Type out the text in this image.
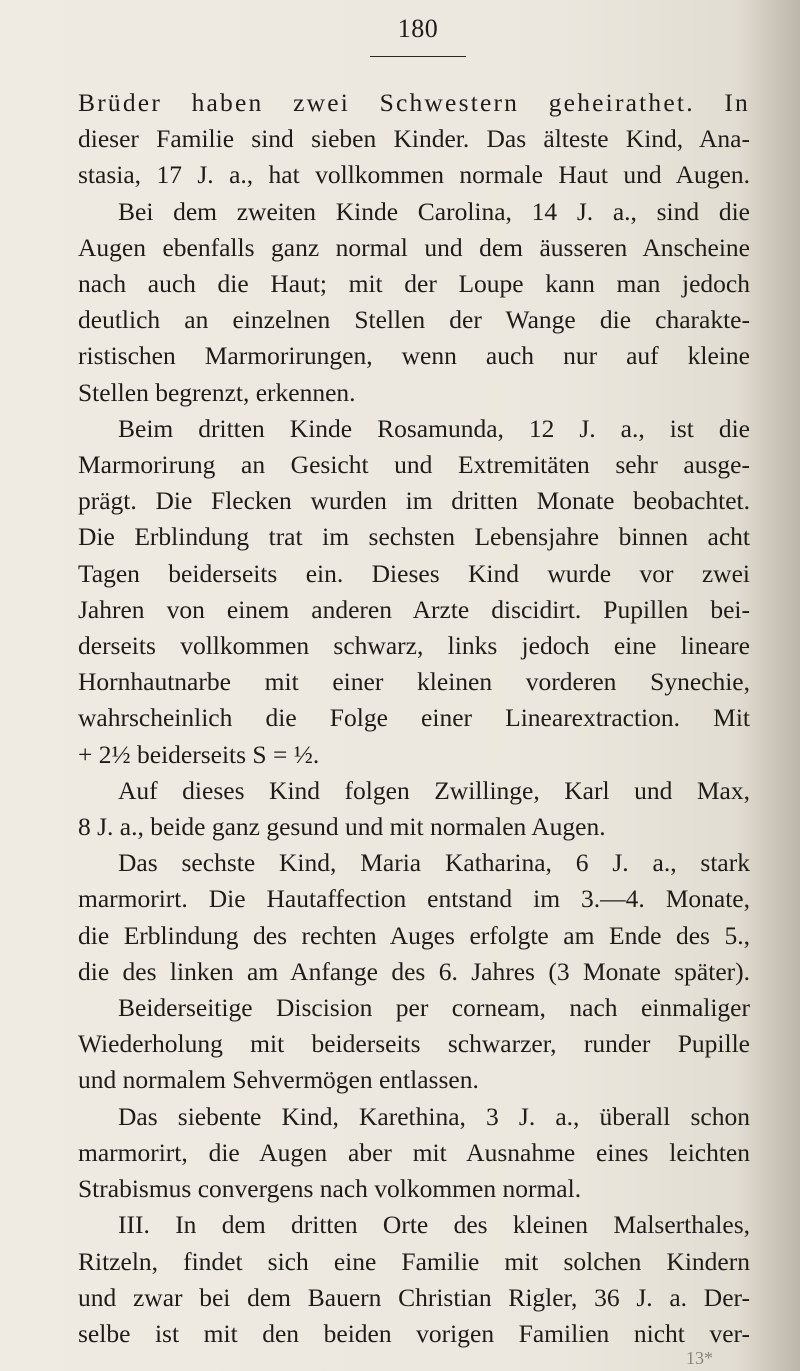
180
Brüder haben zwei Schwestern geheirathet. In
dieser Familie sind sieben Kinder. Das älteste Kind, Ana-
stasia, 17 J. a., hat vollkommen normale Haut und Augen.
Bei dem zweiten Kinde Carolina, 14 J. a., sind die
Augen ebenfalls ganz normal und dem äusseren Anscheine
nach auch die Haut; mit der Loupe kann man jedoch
deutlich an einzelnen Stellen der Wange die charakte-
ristischen Marmorirungen, wenn auch nur auf kleine
Stellen begrenzt, erkennen.
Beim dritten Kinde Rosamunda, 12 J. a., ist die
Marmorirung an Gesicht und Extremitäten sehr ausge-
prägt. Die Flecken wurden im dritten Monate beobachtet.
Die Erblindung trat im sechsten Lebensjahre binnen acht
Tagen beiderseits ein. Dieses Kind wurde vor zwei
Jahren von einem anderen Arzte discidirt. Pupillen bei-
derseits vollkommen schwarz, links jedoch eine lineare
Hornhautnarbe mit einer kleinen vorderen Synechie,
wahrscheinlich die Folge einer Linearextraction. Mit
+ 2½ beiderseits S = ½.
Auf dieses Kind folgen Zwillinge, Karl und Max,
8 J. a., beide ganz gesund und mit normalen Augen.
Das sechste Kind, Maria Katharina, 6 J. a., stark
marmorirt. Die Hautaffection entstand im 3.—4. Monate,
die Erblindung des rechten Auges erfolgte am Ende des 5.,
die des linken am Anfange des 6. Jahres (3 Monate später).
Beiderseitige Discision per corneam, nach einmaliger
Wiederholung mit beiderseits schwarzer, runder Pupille
und normalem Sehvermögen entlassen.
Das siebente Kind, Karethina, 3 J. a., überall schon
marmorirt, die Augen aber mit Ausnahme eines leichten
Strabismus convergens nach volkommen normal.
III. In dem dritten Orte des kleinen Malserthales,
Ritzeln, findet sich eine Familie mit solchen Kindern
und zwar bei dem Bauern Christian Rigler, 36 J. a. Der-
selbe ist mit den beiden vorigen Familien nicht ver-
13*
